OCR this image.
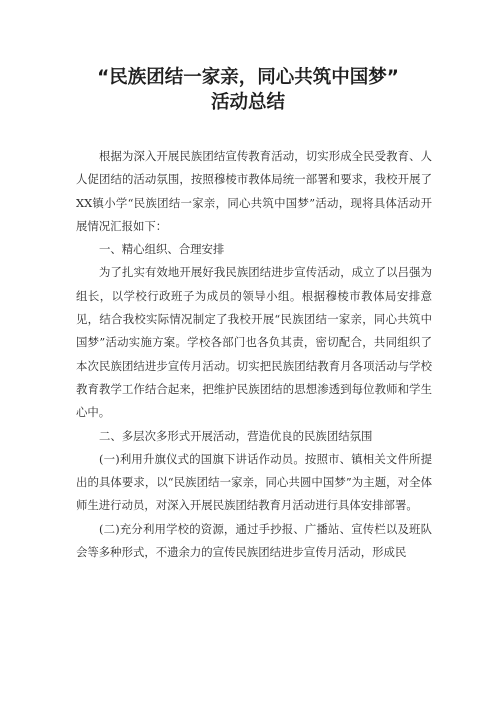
“民族团结一家亲，同心共筑中国梦”
活动总结

根据为深入开展民族团结宣传教育活动，切实形成全民受教育、人人促团结的活动氛围，按照穆棱市教体局统一部署和要求，我校开展了XX镇小学“民族团结一家亲，同心共筑中国梦”活动，现将具体活动开展情况汇报如下：

一、精心组织、合理安排

为了扎实有效地开展好我民族团结进步宣传活动，成立了以吕强为组长，以学校行政班子为成员的领导小组。根据穆棱市教体局安排意见，结合我校实际情况制定了我校开展“民族团结一家亲，同心共筑中国梦”活动实施方案。学校各部门也各负其责，密切配合，共同组织了本次民族团结进步宣传月活动。切实把民族团结教育月各项活动与学校教育教学工作结合起来，把维护民族团结的思想渗透到每位教师和学生心中。

二、多层次多形式开展活动，营造优良的民族团结氛围

(一)利用升旗仪式的国旗下讲话作动员。按照市、镇相关文件所提出的具体要求，以“民族团结一家亲，同心共圆中国梦”为主题，对全体师生进行动员，对深入开展民族团结教育月活动进行具体安排部署。

(二)充分利用学校的资源，通过手抄报、广播站、宣传栏以及班队会等多种形式，不遗余力的宣传民族团结进步宣传月活动，形成民
